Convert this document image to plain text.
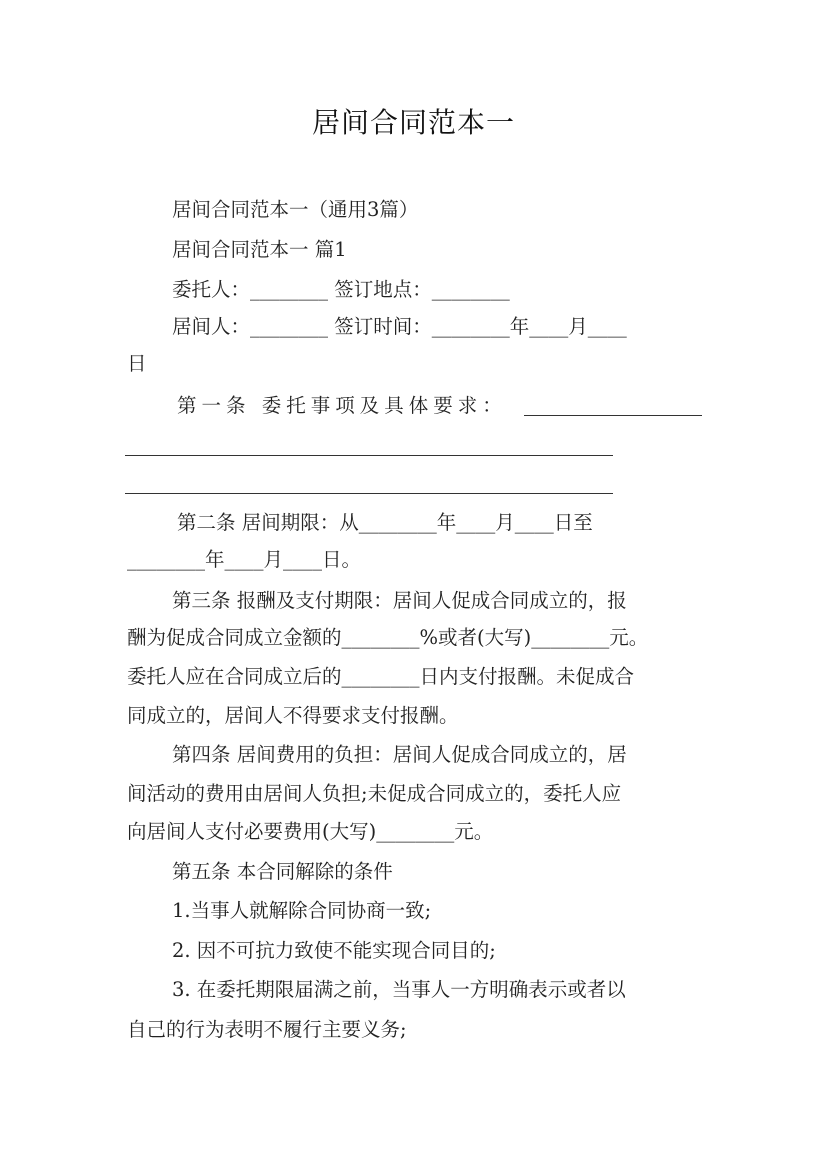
居间合同范本一
居间合同范本一（通用3篇）
居间合同范本一 篇1
委托人：________ 签订地点：________
居间人：________ 签订时间：________年____月____
日
第一条 委托事项及具体要求：
第二条 居间期限：从________年____月____日至
________年____月____日。
第三条 报酬及支付期限：居间人促成合同成立的，报
酬为促成合同成立金额的________%或者(大写)________元。
委托人应在合同成立后的________日内支付报酬。未促成合
同成立的，居间人不得要求支付报酬。
第四条 居间费用的负担：居间人促成合同成立的，居
间活动的费用由居间人负担;未促成合同成立的，委托人应
向居间人支付必要费用(大写)________元。
第五条 本合同解除的条件
1.当事人就解除合同协商一致;
2. 因不可抗力致使不能实现合同目的;
3. 在委托期限届满之前，当事人一方明确表示或者以
自己的行为表明不履行主要义务;
